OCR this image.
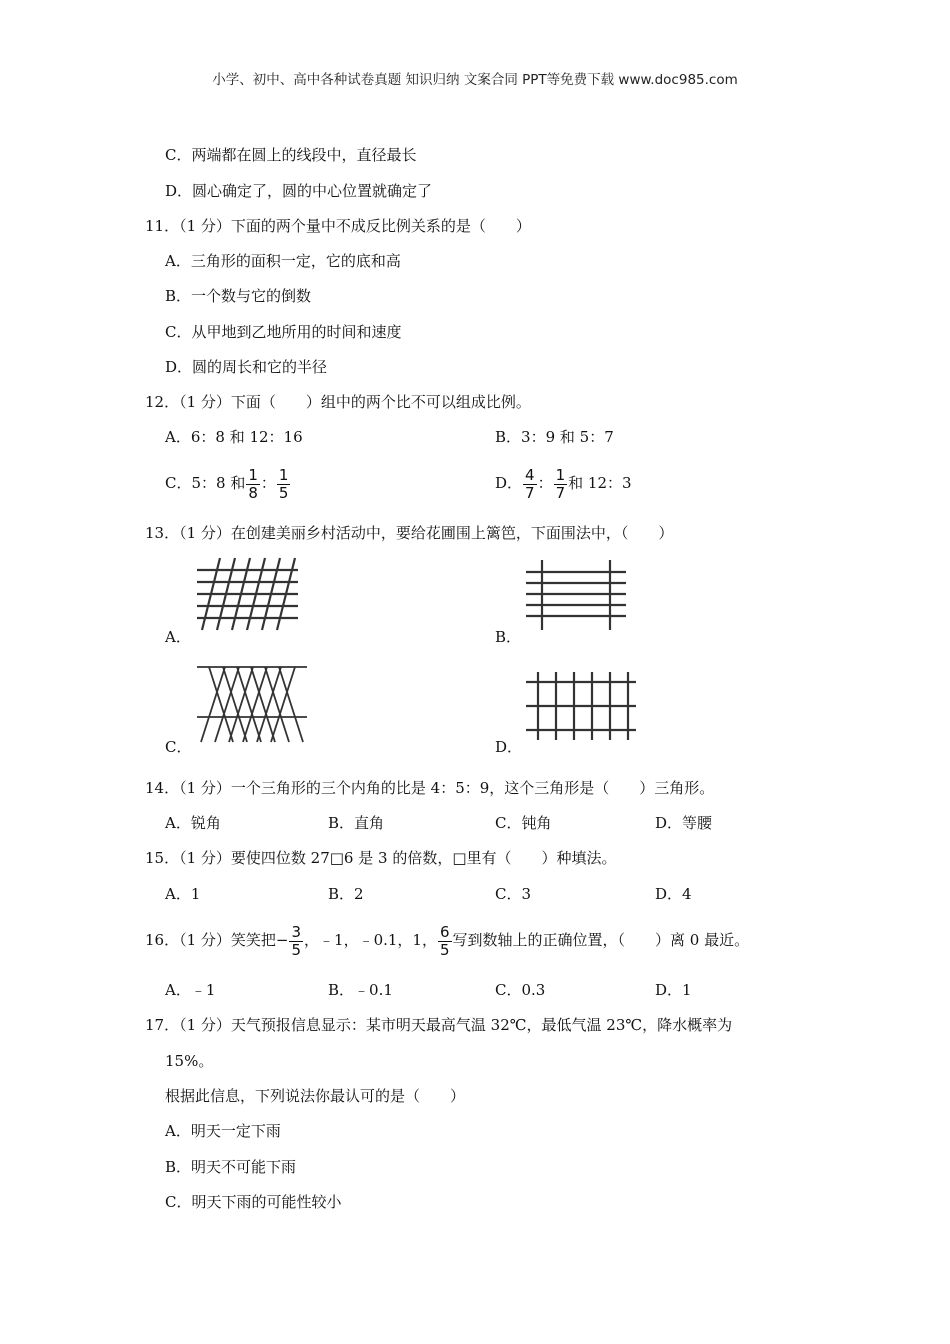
小学、初中、高中各种试卷真题 知识归纳 文案合同 PPT等免费下载 www.doc985.com
C．两端都在圆上的线段中，直径最长
D．圆心确定了，圆的中心位置就确定了
11．（1 分）下面的两个量中不成反比例关系的是（　　）
A．三角形的面积一定，它的底和高
B．一个数与它的倒数
C．从甲地到乙地所用的时间和速度
D．圆的周长和它的半径
12．（1 分）下面（　　）组中的两个比不可以组成比例。
A．6：8 和 12：16	B．3：9 和 5：7
C．5：8 和 $\frac{1}{8}$ ： $\frac{1}{5}$	D． $\frac{4}{7}$ ： $\frac{1}{7}$ 和 12：3
13．（1 分）在创建美丽乡村活动中，要给花圃围上篱笆，下面围法中，（　　）
A．	B．
C．	D．
14．（1 分）一个三角形的三个内角的比是 4：5：9，这个三角形是（　　）三角形。
A．锐角	B．直角	C．钝角	D．等腰
15．（1 分）要使四位数 27□6 是 3 的倍数，□里有（　　）种填法。
A．1	B．2	C．3	D．4
16．（1 分）笑笑把− $\frac{3}{5}$ ，﹣1，﹣0.1，1， $\frac{6}{5}$ 写到数轴上的正确位置，（　　）离 0 最近。
A．﹣1	B．﹣0.1	C．0.3	D．1
17．（1 分）天气预报信息显示：某市明天最高气温 32℃，最低气温 23℃，降水概率为
15%。
根据此信息，下列说法你最认可的是（　　）
A．明天一定下雨
B．明天不可能下雨
C．明天下雨的可能性较小
